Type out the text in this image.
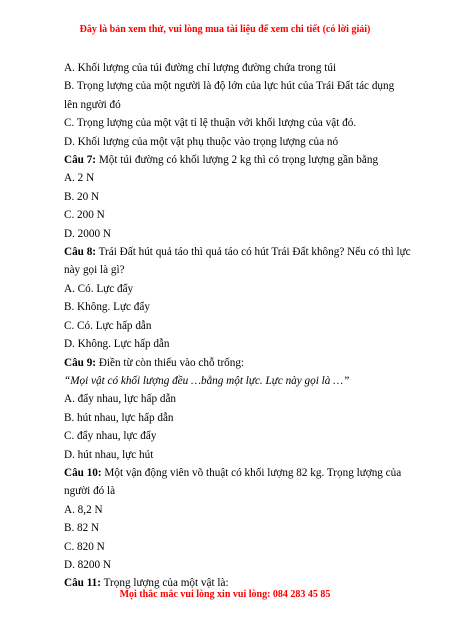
Đây là bản xem thử, vui lòng mua tài liệu để xem chi tiết (có lời giải)
A. Khối lượng của túi đường chỉ lượng đường chứa trong túi
B. Trọng lượng của một người là độ lớn của lực hút của Trái Đất tác dụng
lên người đó
C. Trọng lượng của một vật tỉ lệ thuận với khối lượng của vật đó.
D. Khối lượng của một vật phụ thuộc vào trọng lượng của nó
Câu 7: Một túi đường có khối lượng 2 kg thì có trọng lượng gần bằng
A. 2 N
B. 20 N
C. 200 N
D. 2000 N
Câu 8: Trái Đất hút quả táo thì quả táo có hút Trái Đất không? Nếu có thì lực
này gọi là gì?
A. Có. Lực đẩy
B. Không. Lực đẩy
C. Có. Lực hấp dẫn
D. Không. Lực hấp dẫn
Câu 9: Điền từ còn thiếu vào chỗ trống:
“Mọi vật có khối lượng đều …bằng một lực. Lực này gọi là …”
A. đẩy nhau, lực hấp dẫn
B. hút nhau, lực hấp dẫn
C. đẩy nhau, lực đẩy
D. hút nhau, lực hút
Câu 10: Một vận động viên võ thuật có khối lượng 82 kg. Trọng lượng của
người đó là
A. 8,2 N
B. 82 N
C. 820 N
D. 8200 N
Câu 11: Trọng lượng của một vật là:
Mọi thắc mắc vui lòng xin vui lòng: 084 283 45 85
